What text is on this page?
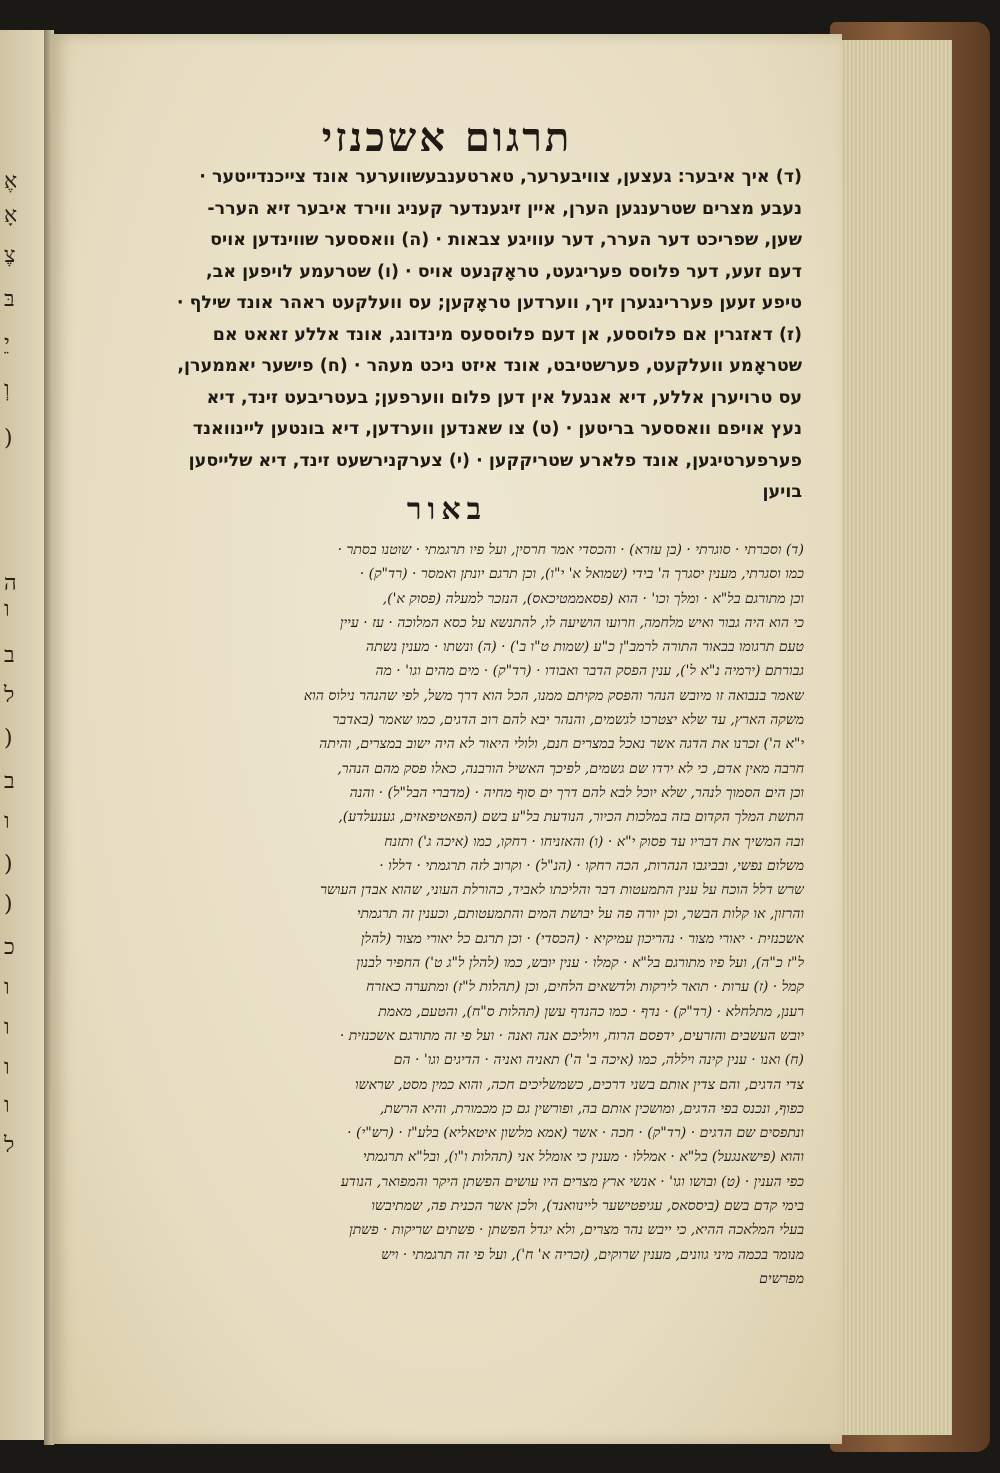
אֶ
אָ
צֶ
בּ
יֵ
וְ
(
ה
ו
ב
ל
(
ב
ו
(
(
כ
ו
ו
ו
ו
ל
תרגום אשכנזי
(ד) איך איבער: געצען, צוויבערער, טארטענבעשווערער אונד צייכנדייטער ·
נעבע מצרים שטרענגען הערן, איין זיגענדער קעניג ווירד איבער זיא הערר-
שען, שפריכט דער הערר, דער עוויגע צבאות · (ה) וואססער שווינדען אויס
דעם זעע, דער פלוסס פעריגעט, טראָקנעט אויס · (ו) שטרעמע לויפען אב,
טיפע זעען פעררינגערן זיך, ווערדען טראָקען; עס וועלקעט ראהר אונד שילף ·
(ז) דאזגרין אם פלוססע, אן דעם פלוססעס מינדונג, אונד אללע זאאט אם
שטראָמע וועלקעט, פערשטיבט, אונד איזט ניכט מעהר · (ח) פישער יאממערן,
עס טרויערן אללע, דיא אנגעל אין דען פלום ווערפען; בעטריבעט זינד, דיא
נעץ אויפם וואססער בריטען · (ט) צו שאנדען ווערדען, דיא בונטען ליינוואנד
פערפערטיגען, אונד פלארע שטריקקען · (י) צערקנירשעט זינד, דיא שלייסען
בויען
באור
(ד) וסכרתי · סוגרתי · (בן עזרא) · והכסדי אמר חרסין, ועל פיו תרגמתי · שוטנו בסתר ·
כמו וסגרתי, מענין יסגרך ה' בידי (שמואל א' י"ו), וכן תרגם יונתן ואמסר · (רד"ק) ·
וכן מתורגם בל"א · ומלך וכו' · הוא (פסאממטיכאס), הנזכר למעלה (פסוק א'),
כי הוא היה גבור ואיש מלחמה, וזרועו הושיעה לו, להתנשא על כסא המלוכה · עז · עיין
טעם תרגומו בבאור התורה לרמב"ן כ"ע (שמות ט"ו ב') · (ה) ונשתו · מענין נשתה
גבורתם (ירמיה נ"א ל'), ענין הפסק הדבר ואבודו · (רד"ק) · מים מהים וגו' · מה
שאמר בנבואה זו מיובש הנהר והפסק מקיתם ממנו, הכל הוא דרך משל, לפי שהנהר נילוס הוא
משקה הארץ, עד שלא יצטרכו לגשמים, והנהר יבא להם רוב הדגים, כמו שאמר (באדבר
י"א ה') זכרנו את הדגה אשר נאכל במצרים חנם, ולולי היאור לא היה ישוב במצרים, והיתה
חרבה מאין אדם, כי לא ירדו שם גשמים, לפיכך האשיל הורבנה, כאלו פסק מהם הנהר,
וכן הים הסמוך לנהר, שלא יוכל לבא להם דרך ים סוף מחיה · (מדברי הבל"ל) · והנה
התשת המלך הקדום בזה במלכות הכיור, הנודעת בל"ע בשם (הפאטיפאזים, גענעלדע),
ובה המשיך את דבריו עד פסוק י"א · (ו) והאזניחו · רחקו, כמו (איכה ג') ותזנח
משלום נפשי, ובביגבו הנהרות, הכה רחקו · (הנ"ל) · וקרוב לזה תרגמתי · דללו ·
שרש דלל הוכח על ענין התמעטות דבר והליכתו לאביד, כהורלת העוני, שהוא אבדן העושר
והרזון, או קלות הבשר, וכן יורה פה על יבושת המים והתמעטותם, וכענין זה תרגמתי
אשכנזית · יאורי מצור · נהריכון עמיקיא · (הכסדי) · וכן תרגם כל יאורי מצור (להלן
ל"ז כ"ה), ועל פיו מתורגם בל"א · קמלו · ענין יובש, כמו (להלן ל"ג ט') החפיר לבנון
קמל · (ז) ערות · תואר לירקות ולדשאים הלחים, וכן (תהלות ל"ז) ומתערה כאזרח
רענן, מתלחלא · (רד"ק) · נדף · כמו כהנדף עשן (תהלות ס"ח), והטעם, מאמת
יובש העשבים והזרעים, ידפסם הרוח, ויוליכם אנה ואנה · ועל פי זה מתורגם אשכנזית ·
(ח) ואנו · ענין קינה ויללה, כמו (איכה ב' ה') תאניה ואניה · הדיגים וגו' · הם
צדי הדגים, והם צדין אותם בשני דרכים, כשמשליכים חכה, והוא כמין מסט, שראשו
כפוף, ונכנס בפי הדגים, ומושכין אותם בה, ופורשין גם כן מכמורת, והיא הרשת,
ונתפסים שם הדגים · (רד"ק) · חכה · אשר (אמא מלשון איטאליא) בלע"ז · (רש"י) ·
והוא (פישאנגעל) בל"א · אמללו · מענין כי אומלל אני (תהלות ו"ו), ובל"א תרגמתי
כפי הענין · (ט) ובושו וגו' · אנשי ארץ מצרים היו עושים הפשתן היקר והמפואר, הנודע
בימי קדם בשם (ביססאס, עגיפטישער ליינוואנד), ולכן אשר הכנית פה, שמתיבשו
בעלי המלאכה ההיא, כי ייבש נהר מצרים, ולא יגדל הפשתן · פשתים שריקות · פשתן
מנומר בכמה מיני גוונים, מענין שרוקים, (זכריה א' ח'), ועל פי זה תרגמתי · ויש
מפרשים
